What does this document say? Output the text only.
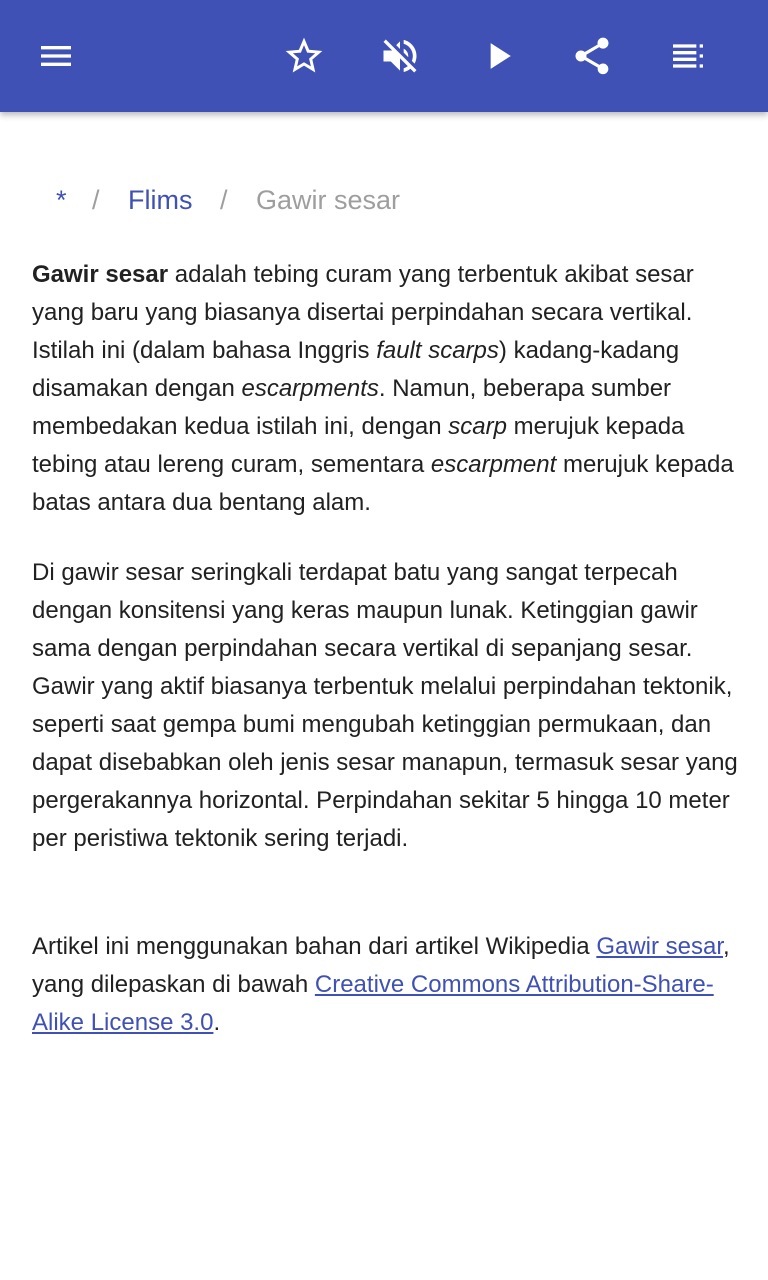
* / Flims / Gawir sesar

Gawir sesar adalah tebing curam yang terbentuk akibat sesar yang baru yang biasanya disertai perpindahan secara vertikal. Istilah ini (dalam bahasa Inggris fault scarps) kadang-kadang disamakan dengan escarpments. Namun, beberapa sumber membedakan kedua istilah ini, dengan scarp merujuk kepada tebing atau lereng curam, sementara escarpment merujuk kepada batas antara dua bentang alam.

Di gawir sesar seringkali terdapat batu yang sangat terpecah dengan konsitensi yang keras maupun lunak. Ketinggian gawir sama dengan perpindahan secara vertikal di sepanjang sesar. Gawir yang aktif biasanya terbentuk melalui perpindahan tektonik, seperti saat gempa bumi mengubah ketinggian permukaan, dan dapat disebabkan oleh jenis sesar manapun, termasuk sesar yang pergerakannya horizontal. Perpindahan sekitar 5 hingga 10 meter per peristiwa tektonik sering terjadi.

Artikel ini menggunakan bahan dari artikel Wikipedia Gawir sesar, yang dilepaskan di bawah Creative Commons Attribution-Share-Alike License 3.0.
